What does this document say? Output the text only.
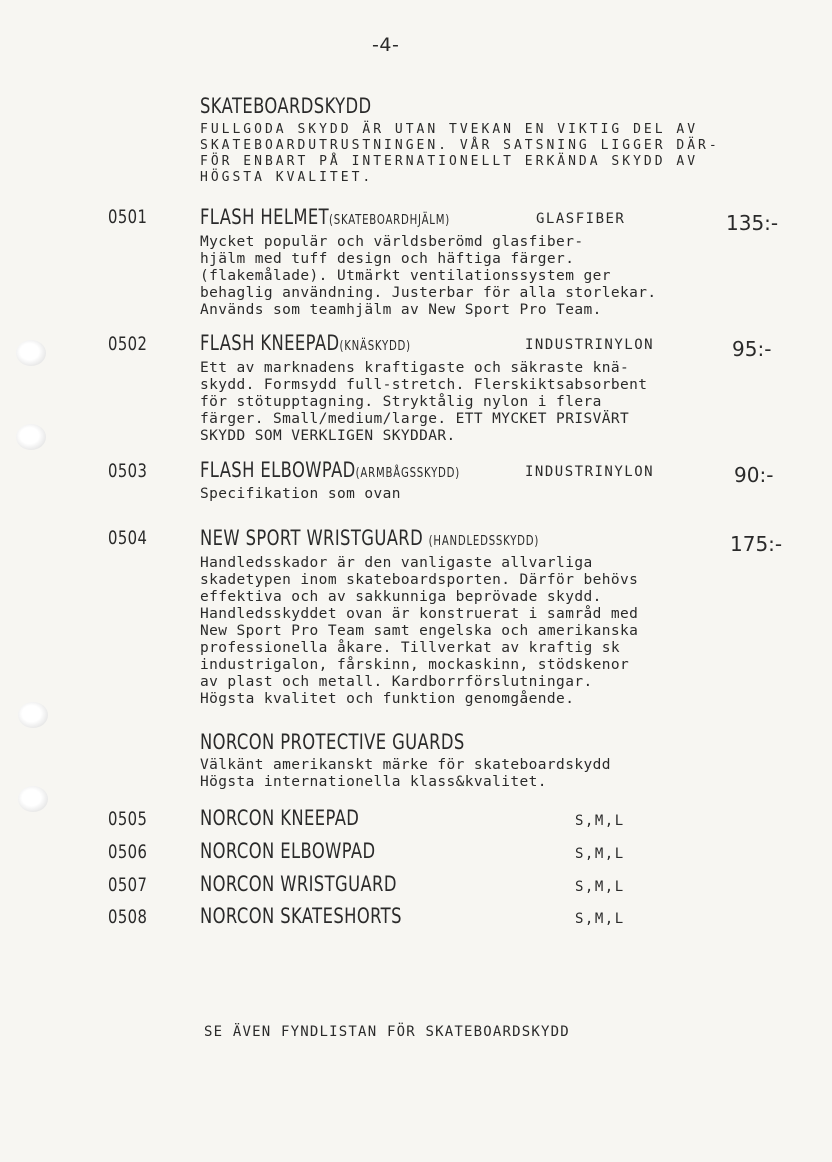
-4-
SKATEBOARDSKYDD
FULLGODA SKYDD ÄR UTAN TVEKAN EN VIKTIG DEL AV
SKATEBOARDUTRUSTNINGEN. VÅR SATSNING LIGGER DÄR-
FÖR ENBART PÅ INTERNATIONELLT ERKÄNDA SKYDD AV
HÖGSTA KVALITET.
0501	FLASH HELMET(SKATEBOARDHJÄLM)	GLASFIBER	135:-
Mycket populär och världsberömd glasfiber-
hjälm med tuff design och häftiga färger.
(flakemålade). Utmärkt ventilationssystem ger
behaglig användning. Justerbar för alla storlekar.
Används som teamhjälm av New Sport Pro Team.
0502	FLASH KNEEPAD(KNÄSKYDD)	INDUSTRINYLON	95:-
Ett av marknadens kraftigaste och säkraste knä-
skydd. Formsydd full-stretch. Flerskiktsabsorbent
för stötupptagning. Stryktålig nylon i flera
färger. Small/medium/large. ETT MYCKET PRISVÄRT
SKYDD SOM VERKLIGEN SKYDDAR.
0503	FLASH ELBOWPAD(ARMBÅGSSKYDD)	INDUSTRINYLON	90:-
Specifikation som ovan
0504	NEW SPORT WRISTGUARD (HANDLEDSSKYDD)	175:-
Handledsskador är den vanligaste allvarliga
skadetypen inom skateboardsporten. Därför behövs
effektiva och av sakkunniga beprövade skydd.
Handledsskyddet ovan är konstruerat i samråd med
New Sport Pro Team samt engelska och amerikanska
professionella åkare. Tillverkat av kraftig sk
industrigalon, fårskinn, mockaskinn, stödskenor
av plast och metall. Kardborrförslutningar.
Högsta kvalitet och funktion genomgående.
NORCON PROTECTIVE GUARDS
Välkänt amerikanskt märke för skateboardskydd
Högsta internationella klass&kvalitet.
0505	NORCON KNEEPAD	S,M,L
0506	NORCON ELBOWPAD	S,M,L
0507	NORCON WRISTGUARD	S,M,L
0508	NORCON SKATESHORTS	S,M,L
SE ÄVEN FYNDLISTAN FÖR SKATEBOARDSKYDD
